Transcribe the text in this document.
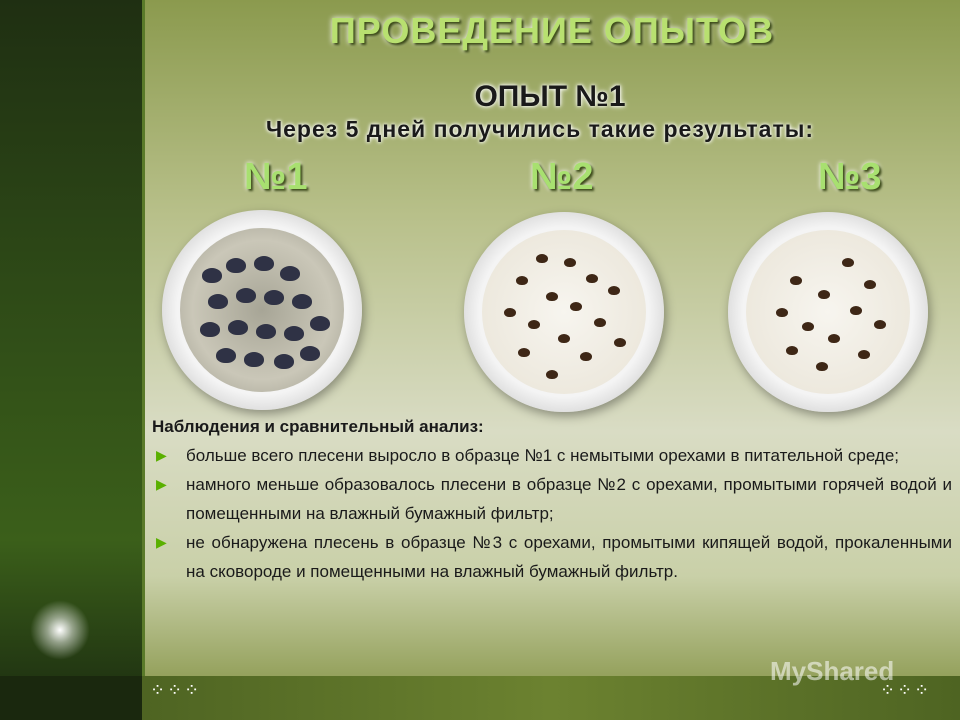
⁘⁘⁘	⁘⁘⁘
ПРОВЕДЕНИЕ ОПЫТОВ
ОПЫТ №1
Через 5 дней получились такие результаты:
№1	№2	№3
Наблюдения и сравнительный анализ:
▶ больше всего плесени выросло в образце №1 с немытыми орехами в питательной среде;
▶ намного меньше образовалось плесени в образце №2 с орехами, промытыми горячей водой и помещенными на влажный бумажный фильтр;
▶ не обнаружена плесень в образце №3 с орехами, промытыми кипящей водой, прокаленными на сковороде и помещенными на влажный бумажный фильтр.
MyShared
